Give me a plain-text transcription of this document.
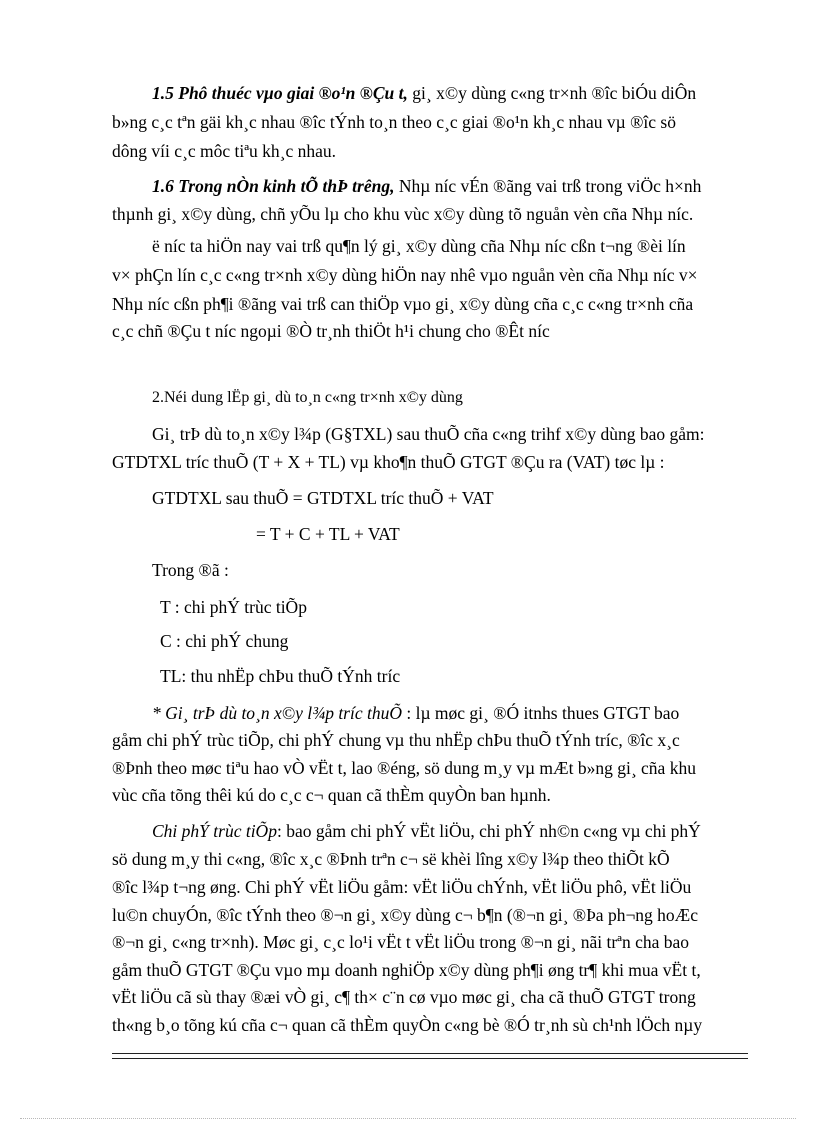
1.5 Phô thuéc vµo giai ®o¹n ®Çu t, gi¸ x©y dùng c«ng tr×nh ®îc biÓu diÔn
b»ng c¸c tªn gäi kh¸c nhau ®îc tÝnh to¸n theo c¸c giai ®o¹n kh¸c nhau vµ ®îc sö
dông víi c¸c môc tiªu kh¸c nhau.
1.6 Trong nÒn kinh tÕ thÞ trêng, Nhµ níc vÉn ®ãng vai trß trong viÖc h×nh
thµnh gi¸ x©y dùng, chñ yÕu lµ cho khu vùc x©y dùng tõ nguån vèn cña Nhµ níc.
ë níc ta hiÖn nay vai trß qu¶n lý gi¸ x©y dùng cña Nhµ níc cßn t¬ng ®èi lín
v× phÇn lín c¸c c«ng tr×nh x©y dùng hiÖn nay nhê vµo nguån vèn cña Nhµ níc v×
Nhµ níc cßn ph¶i ®ãng vai trß can thiÖp vµo gi¸ x©y dùng cña c¸c c«ng tr×nh cña
c¸c chñ ®Çu t níc ngoµi ®Ò tr¸nh thiÖt h¹i chung cho ®Êt níc
2.Néi dung lËp gi¸ dù to¸n c«ng tr×nh x©y dùng
Gi¸ trÞ dù to¸n x©y l¾p (G§TXL) sau thuÕ cña c«ng trihf x©y dùng bao gåm:
GTDTXL tríc thuÕ (T + X + TL) vµ kho¶n thuÕ GTGT ®Çu ra (VAT) tøc lµ :
GTDTXL sau thuÕ = GTDTXL tríc thuÕ + VAT
= T + C + TL + VAT
Trong ®ã :
T : chi phÝ trùc tiÕp
C : chi phÝ chung
TL: thu nhËp chÞu thuÕ tÝnh tríc
* Gi¸ trÞ dù to¸n x©y l¾p tríc thuÕ : lµ møc gi¸ ®Ó itnhs thues GTGT bao
gåm chi phÝ trùc tiÕp, chi phÝ chung vµ thu nhËp chÞu thuÕ tÝnh tríc, ®îc x¸c
®Þnh theo møc tiªu hao vÒ vËt t, lao ®éng, sö dung m¸y vµ mÆt b»ng gi¸ cña khu
vùc cña tõng thêi kú do c¸c c¬ quan cã thÈm quyÒn ban hµnh.
Chi phÝ trùc tiÕp: bao gåm chi phÝ vËt liÖu, chi phÝ nh©n c«ng vµ chi phÝ
sö dung m¸y thi c«ng, ®îc x¸c ®Þnh trªn c¬ së khèi lîng x©y l¾p theo thiÕt kÕ
®îc l¾p t¬ng øng. Chi phÝ vËt liÖu gåm: vËt liÖu chÝnh, vËt liÖu phô, vËt liÖu
lu©n chuyÓn, ®îc tÝnh theo ®¬n gi¸ x©y dùng c¬ b¶n (®¬n gi¸ ®Þa ph¬ng hoÆc
®¬n gi¸ c«ng tr×nh). Møc gi¸ c¸c lo¹i vËt t vËt liÖu trong ®¬n gi¸ nãi trªn cha bao
gåm thuÕ GTGT ®Çu vµo mµ doanh nghiÖp x©y dùng ph¶i øng tr¶ khi mua vËt t,
vËt liÖu cã sù thay ®æi vÒ gi¸ c¶ th× c¨n cø vµo møc gi¸ cha cã thuÕ GTGT trong
th«ng b¸o tõng kú cña c¬ quan cã thÈm quyÒn c«ng bè ®Ó tr¸nh sù ch¹nh lÖch nµy
